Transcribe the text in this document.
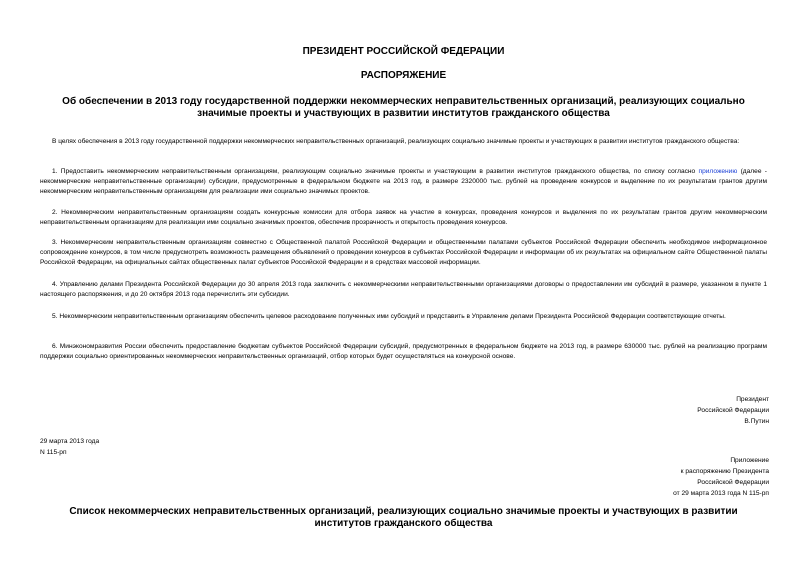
ПРЕЗИДЕНТ РОССИЙСКОЙ ФЕДЕРАЦИИ
РАСПОРЯЖЕНИЕ
Об обеспечении в 2013 году государственной поддержки некоммерческих неправительственных организаций, реализующих социально значимые проекты и участвующих в развитии институтов гражданского общества
В целях обеспечения в 2013 году государственной поддержки некоммерческих неправительственных организаций, реализующих социально значимые проекты и участвующих в развитии институтов гражданского общества:
1. Предоставить некоммерческим неправительственным организациям, реализующим социально значимые проекты и участвующим в развитии институтов гражданского общества, по списку согласно приложению (далее - некоммерческие неправительственные организации) субсидии, предусмотренные в федеральном бюджете на 2013 год, в размере 2320000 тыс. рублей на проведение конкурсов и выделение по их результатам грантов другим некоммерческим неправительственным организациям для реализации ими социально значимых проектов.
2. Некоммерческим неправительственным организациям создать конкурсные комиссии для отбора заявок на участие в конкурсах, проведения конкурсов и выделения по их результатам грантов другим некоммерческим неправительственным организациям для реализации ими социально значимых проектов, обеспечив прозрачность и открытость проведения конкурсов.
3. Некоммерческим неправительственным организациям совместно с Общественной палатой Российской Федерации и общественными палатами субъектов Российской Федерации обеспечить необходимое информационное сопровождение конкурсов, в том числе предусмотреть возможность размещения объявлений о проведении конкурсов в субъектах Российской Федерации и информации об их результатах на официальном сайте Общественной палаты Российской Федерации, на официальных сайтах общественных палат субъектов Российской Федерации и в средствах массовой информации.
4. Управлению делами Президента Российской Федерации до 30 апреля 2013 года заключить с некоммерческими неправительственными организациями договоры о предоставлении им субсидий в размере, указанном в пункте 1 настоящего распоряжения, и до 20 октября 2013 года перечислить эти субсидии.
5. Некоммерческим неправительственным организациям обеспечить целевое расходование полученных ими субсидий и представить в Управление делами Президента Российской Федерации соответствующие отчеты.
6. Минэкономразвития России обеспечить предоставление бюджетам субъектов Российской Федерации субсидий, предусмотренных в федеральном бюджете на 2013 год, в размере 630000 тыс. рублей на реализацию программ поддержки социально ориентированных некоммерческих неправительственных организаций, отбор которых будет осуществляться на конкурсной основе.
Президент
Российской Федерации
В.Путин
29 марта 2013 года
N 115-рп
Приложение
к распоряжению Президента
Российской Федерации
от 29 марта 2013 года N 115-рп
Список некоммерческих неправительственных организаций, реализующих социально значимые проекты и участвующих в развитии институтов гражданского общества
